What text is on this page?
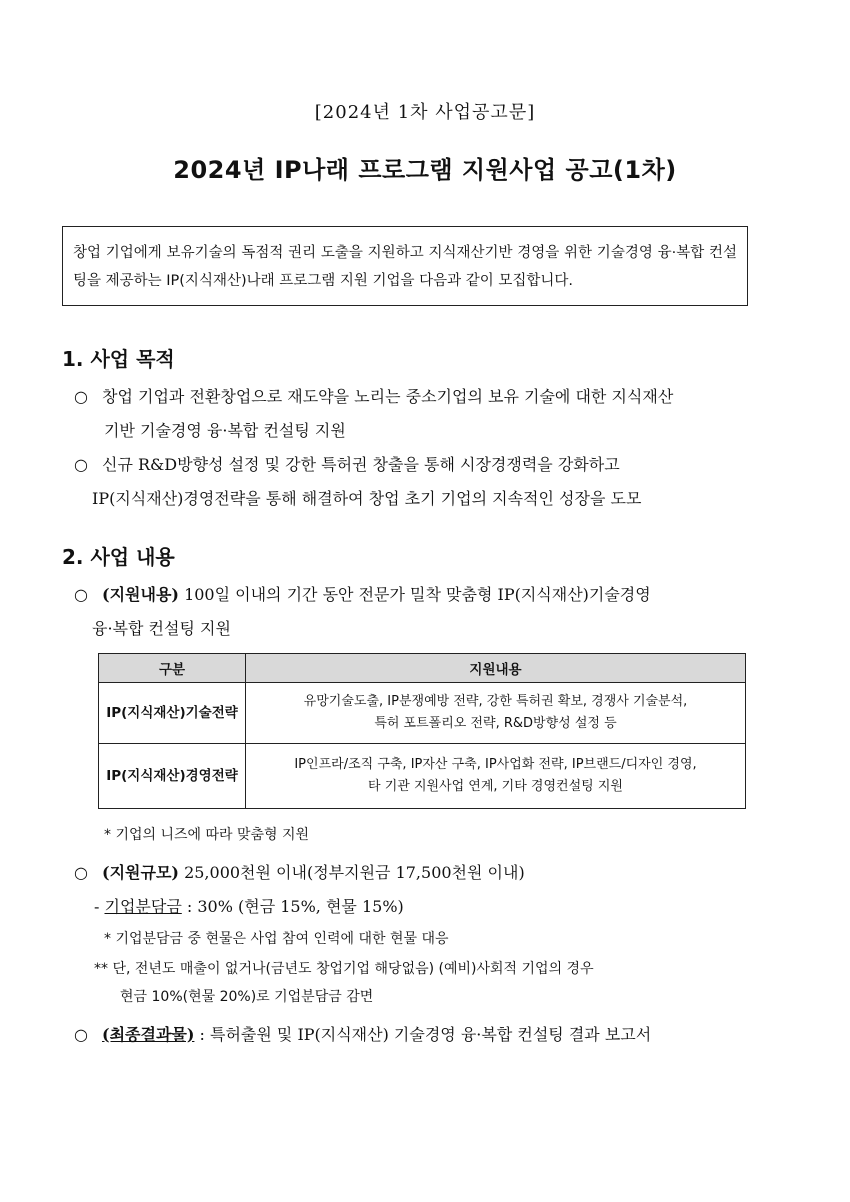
[2024년 1차 사업공고문]
2024년 IP나래 프로그램 지원사업 공고(1차)
창업 기업에게 보유기술의 독점적 권리 도출을 지원하고 지식재산기반 경영을 위한 기술경영 융·복합 컨설팅을 제공하는 IP(지식재산)나래 프로그램 지원 기업을 다음과 같이 모집합니다.
1. 사업 목적
○ 창업 기업과 전환창업으로 재도약을 노리는 중소기업의 보유 기술에 대한 지식재산
기반 기술경영 융·복합 컨설팅 지원
○ 신규 R&D방향성 설정 및 강한 특허권 창출을 통해 시장경쟁력을 강화하고
IP(지식재산)경영전략을 통해 해결하여 창업 초기 기업의 지속적인 성장을 도모
2. 사업 내용
○ (지원내용) 100일 이내의 기간 동안 전문가 밀착 맞춤형 IP(지식재산)기술경영
융·복합 컨설팅 지원
구분	지원내용
IP(지식재산)기술전략	유망기술도출, IP분쟁예방 전략, 강한 특허권 확보, 경쟁사 기술분석,
특허 포트폴리오 전략, R&D방향성 설정 등

IP(지식재산)경영전략	IP인프라/조직 구축, IP자산 구축, IP사업화 전략, IP브랜드/디자인 경영,
타 기관 지원사업 연계, 기타 경영컨설팅 지원
* 기업의 니즈에 따라 맞춤형 지원
○ (지원규모) 25,000천원 이내(정부지원금 17,500천원 이내)
- 기업분담금 : 30% (현금 15%, 현물 15%)
* 기업분담금 중 현물은 사업 참여 인력에 대한 현물 대응
** 단, 전년도 매출이 없거나(금년도 창업기업 해당없음) (예비)사회적 기업의 경우
현금 10%(현물 20%)로 기업분담금 감면
○ (최종결과물) : 특허출원 및 IP(지식재산) 기술경영 융·복합 컨설팅 결과 보고서
